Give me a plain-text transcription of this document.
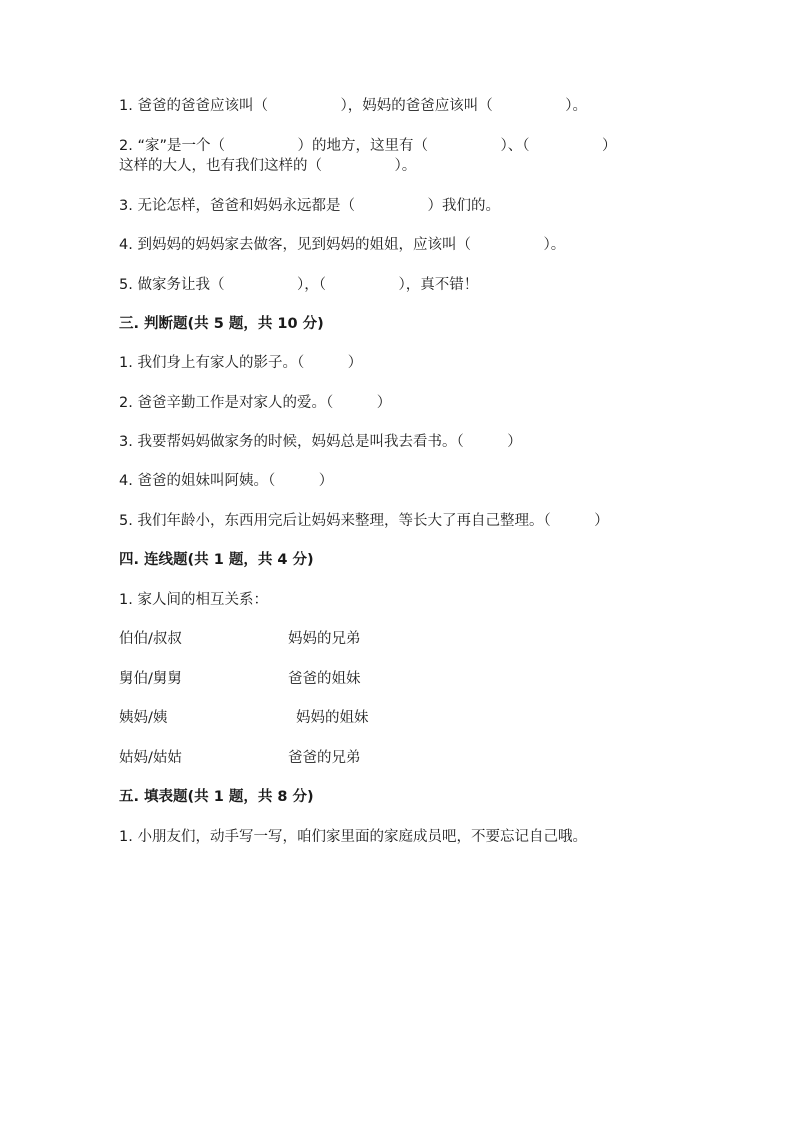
1. 爸爸的爸爸应该叫（　　　　　），妈妈的爸爸应该叫（　　　　　）。
2. “家”是一个（　　　　　）的地方，这里有（　　　　　）、（　　　　　）
这样的大人，也有我们这样的（　　　　　）。
3. 无论怎样，爸爸和妈妈永远都是（　　　　　）我们的。
4. 到妈妈的妈妈家去做客，见到妈妈的姐姐，应该叫（　　　　　）。
5. 做家务让我（　　　　　），（　　　　　），真不错！
三. 判断题(共 5 题，共 10 分)
1. 我们身上有家人的影子。（　　　）
2. 爸爸辛勤工作是对家人的爱。（　　　）
3. 我要帮妈妈做家务的时候，妈妈总是叫我去看书。（　　　）
4. 爸爸的姐妹叫阿姨。（　　　）
5. 我们年龄小，东西用完后让妈妈来整理，等长大了再自己整理。（　　　）
四. 连线题(共 1 题，共 4 分)
1. 家人间的相互关系：
伯伯/叔叔	妈妈的兄弟
舅伯/舅舅	爸爸的姐妹
姨妈/姨	妈妈的姐妹
姑妈/姑姑	爸爸的兄弟
五. 填表题(共 1 题，共 8 分)
1. 小朋友们，动手写一写，咱们家里面的家庭成员吧，不要忘记自己哦。
